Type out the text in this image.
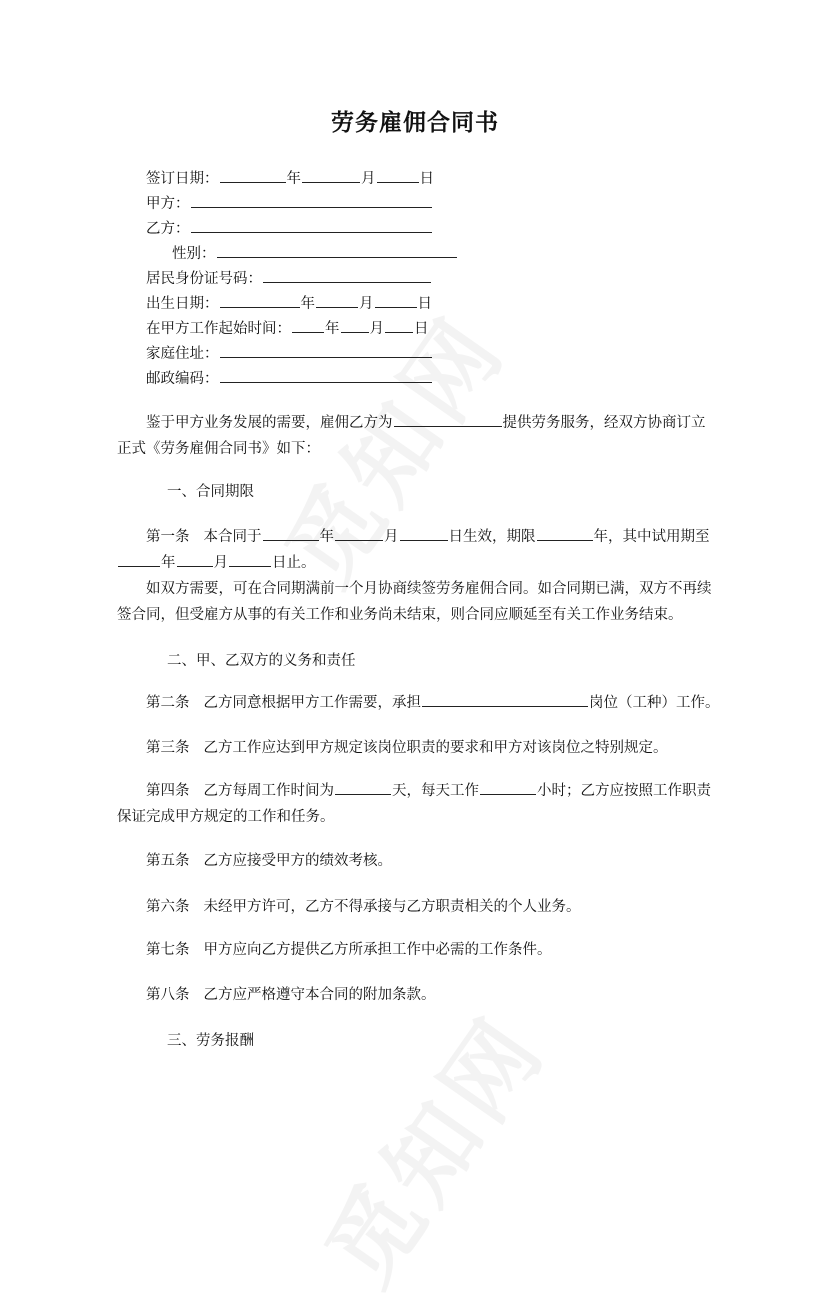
劳务雇佣合同书
签订日期：	年	月	日
甲方：
乙方：
性别：
居民身份证号码：
出生日期：	年	月	日
在甲方工作起始时间： 年 月 日
家庭住址：
邮政编码：
鉴于甲方业务发展的需要，雇佣乙方为	提供劳务服务，经双方协商订立正式《劳务雇佣合同书》如下：
一、合同期限
第一条 本合同于	年	月	日生效，期限	年，其中试用期至年	月	日止。
如双方需要，可在合同期满前一个月协商续签劳务雇佣合同。如合同期已满，双方不再续签合同，但受雇方从事的有关工作和业务尚未结束，则合同应顺延至有关工作业务结束。
二、甲、乙双方的义务和责任
第二条 乙方同意根据甲方工作需要，承担	岗位（工种）工作。
第三条 乙方工作应达到甲方规定该岗位职责的要求和甲方对该岗位之特别规定。
第四条 乙方每周工作时间为	天，每天工作	小时；乙方应按照工作职责保证完成甲方规定的工作和任务。
第五条 乙方应接受甲方的绩效考核。
第六条 未经甲方许可，乙方不得承接与乙方职责相关的个人业务。
第七条 甲方应向乙方提供乙方所承担工作中必需的工作条件。
第八条 乙方应严格遵守本合同的附加条款。
三、劳务报酬
